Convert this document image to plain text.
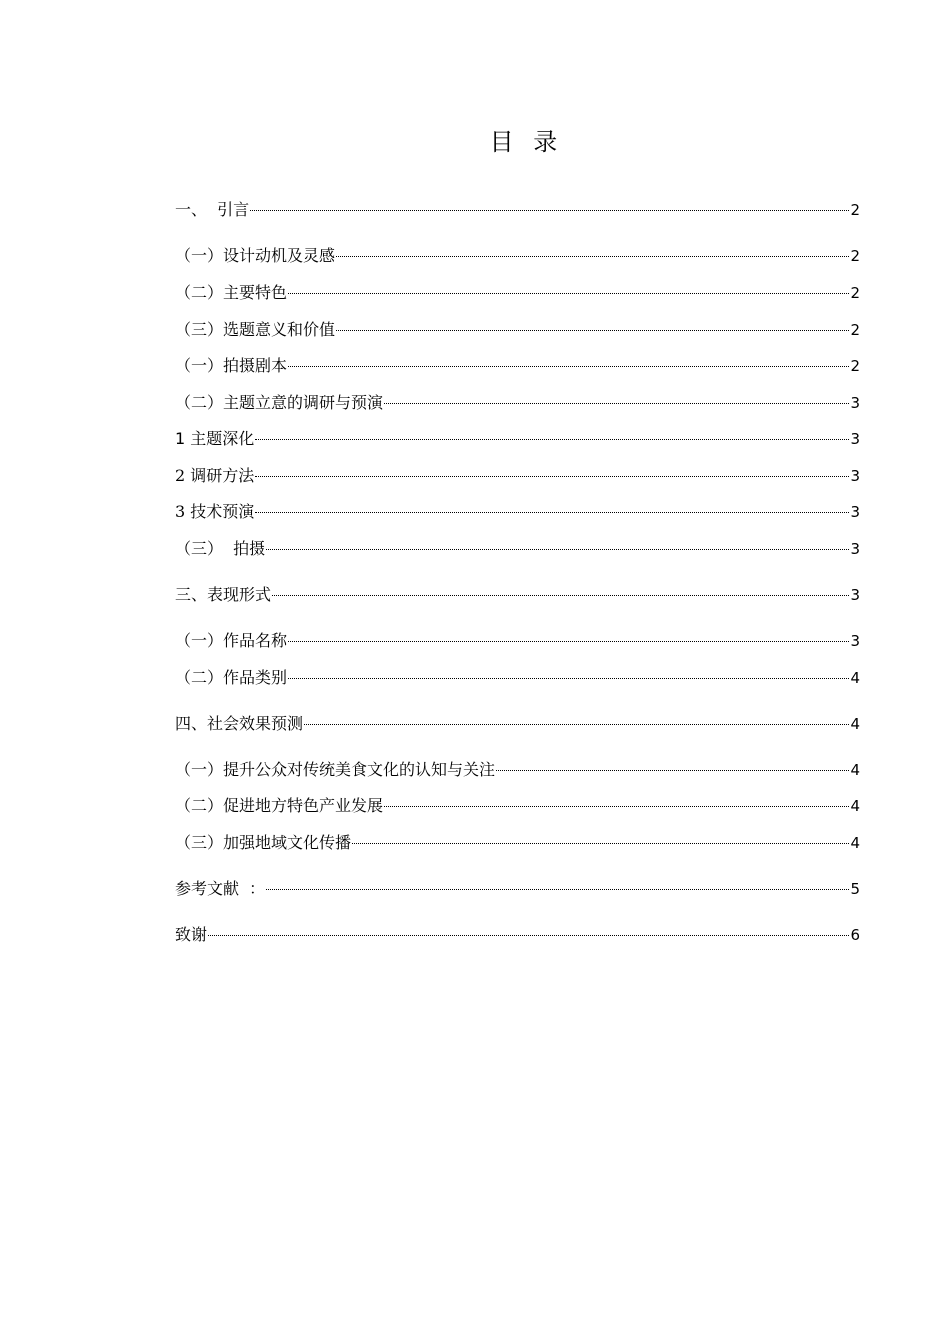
目 录
一、  引言	2
（一）设计动机及灵感	2
（二）主要特色	2
（三）选题意义和价值	2
（一）拍摄剧本	2
（二）主题立意的调研与预演	3
1 主题深化	3
2 调研方法	3
3 技术预演	3
（三）  拍摄	3
三、表现形式	3
（一）作品名称	3
（二）作品类别	4
四、社会效果预测	4
（一）提升公众对传统美食文化的认知与关注	4
（二）促进地方特色产业发展	4
（三）加强地域文化传播	4
参考文献  ：	5
致谢	6
